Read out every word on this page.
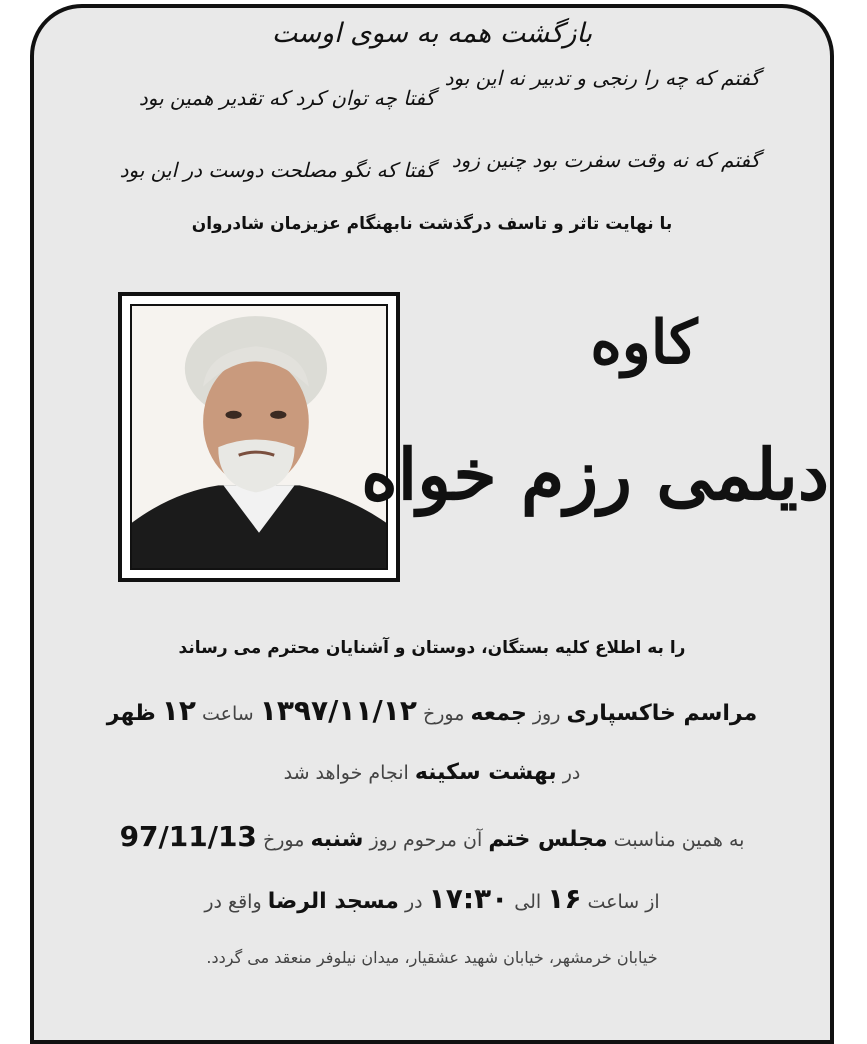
بازگشت همه به سوی اوست
گفتم که چه را رنجی و تدبیر نه این بود
گفتا چه توان کرد که تقدیر همین بود
گفتم که نه وقت سفرت بود چنین زود
گفتا که نگو مصلحت دوست در این بود
با نهایت تاثر و تاسف درگذشت نابهنگام عزیزمان شادروان
کاوه
دیلمی رزم خواه
را به اطلاع کلیه بستگان، دوستان و آشنایان محترم می رساند
مراسم خاکسپاری روز جمعه مورخ ۱۳۹۷/۱۱/۱۲ ساعت ۱۲ ظهر
در بهشت سکینه انجام خواهد شد
به همین مناسبت مجلس ختم آن مرحوم روز شنبه مورخ 97/11/13
از ساعت ۱۶ الی ۱۷:۳۰ در مسجد الرضا واقع در
خیابان خرمشهر، خیابان شهید عشقیار، میدان نیلوفر منعقد می گردد.
